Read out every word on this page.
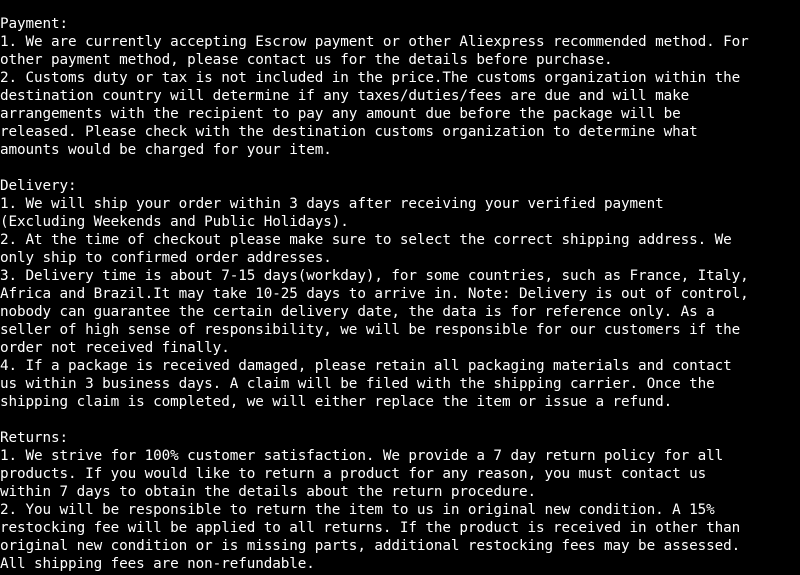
Payment:
1. We are currently accepting Escrow payment or other Aliexpress recommended method. For
other payment method, please contact us for the details before purchase.
2. Customs duty or tax is not included in the price.The customs organization within the
destination country will determine if any taxes/duties/fees are due and will make
arrangements with the recipient to pay any amount due before the package will be
released. Please check with the destination customs organization to determine what
amounts would be charged for your item.
Delivery:
1. We will ship your order within 3 days after receiving your verified payment
(Excluding Weekends and Public Holidays).
2. At the time of checkout please make sure to select the correct shipping address. We
only ship to confirmed order addresses.
3. Delivery time is about 7-15 days(workday), for some countries, such as France, Italy,
Africa and Brazil.It may take 10-25 days to arrive in. Note: Delivery is out of control,
nobody can guarantee the certain delivery date, the data is for reference only. As a
seller of high sense of responsibility, we will be responsible for our customers if the
order not received finally.
4. If a package is received damaged, please retain all packaging materials and contact
us within 3 business days. A claim will be filed with the shipping carrier. Once the
shipping claim is completed, we will either replace the item or issue a refund.
Returns:
1. We strive for 100% customer satisfaction. We provide a 7 day return policy for all
products. If you would like to return a product for any reason, you must contact us
within 7 days to obtain the details about the return procedure.
2. You will be responsible to return the item to us in original new condition. A 15%
restocking fee will be applied to all returns. If the product is received in other than
original new condition or is missing parts, additional restocking fees may be assessed.
All shipping fees are non-refundable.
